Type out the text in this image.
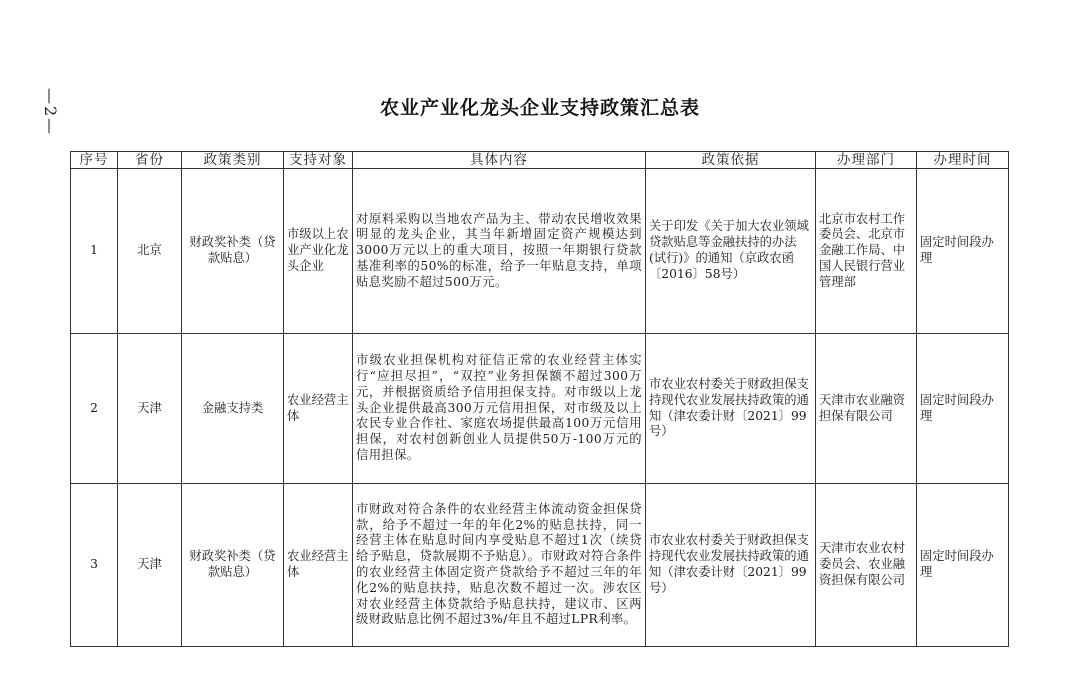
—2—	农业产业化龙头企业支持政策汇总表
序号	省份	政策类别	支持对象	具体内容	政策依据	办理部门	办理时间
1	北京	财政奖补类（贷款贴息）	市级以上农业产业化龙头企业	对原料采购以当地农产品为主、带动农民增收效果明显的龙头企业，其当年新增固定资产规模达到3000万元以上的重大项目，按照一年期银行贷款基准利率的50%的标准，给予一年贴息支持，单项贴息奖励不超过500万元。	关于印发《关于加大农业领域贷款贴息等金融扶持的办法(试行)》的通知（京政农函〔2016〕58号）	北京市农村工作委员会、北京市金融工作局、中国人民银行营业管理部	固定时间段办理
2	天津	金融支持类	农业经营主体	市级农业担保机构对征信正常的农业经营主体实行“应担尽担”，“双控”业务担保额不超过300万元，并根据资质给予信用担保支持。对市级以上龙头企业提供最高300万元信用担保，对市级及以上农民专业合作社、家庭农场提供最高100万元信用担保，对农村创新创业人员提供50万-100万元的信用担保。	市农业农村委关于财政担保支持现代农业发展扶持政策的通知（津农委计财〔2021〕99号）	天津市农业融资担保有限公司	固定时间段办理
3	天津	财政奖补类（贷款贴息）	农业经营主体	市财政对符合条件的农业经营主体流动资金担保贷款，给予不超过一年的年化2%的贴息扶持，同一经营主体在贴息时间内享受贴息不超过1次（续贷给予贴息，贷款展期不予贴息）。市财政对符合条件的农业经营主体固定资产贷款给予不超过三年的年化2%的贴息扶持，贴息次数不超过一次。涉农区对农业经营主体贷款给予贴息扶持，建议市、区两级财政贴息比例不超过3%/年且不超过LPR利率。	市农业农村委关于财政担保支持现代农业发展扶持政策的通知（津农委计财〔2021〕99号）	天津市农业农村委员会、农业融资担保有限公司	固定时间段办理
